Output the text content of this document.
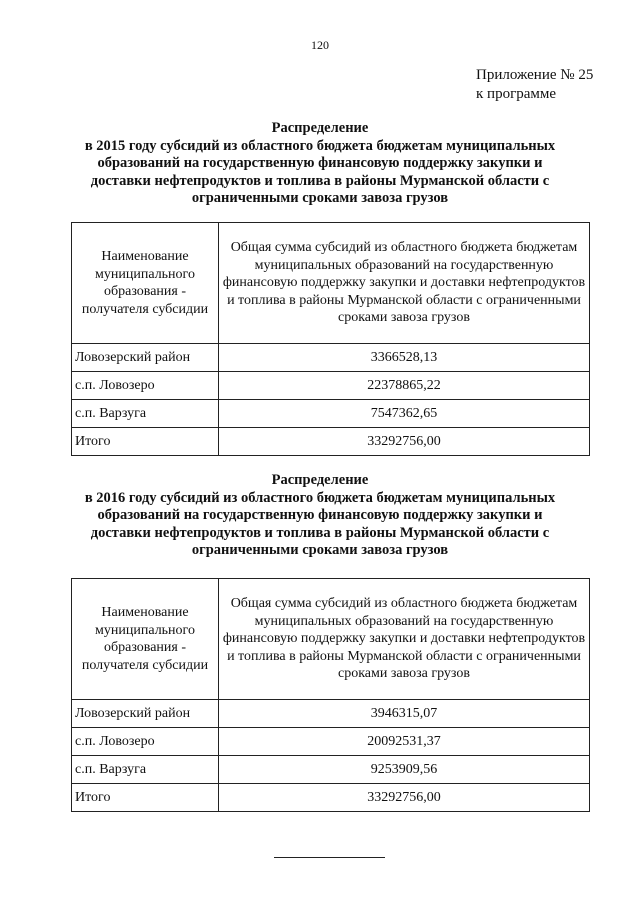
120
Приложение № 25
к программе
Распределение
в 2015 году субсидий из областного бюджета бюджетам муниципальных
образований на государственную финансовую поддержку закупки и
доставки нефтепродуктов и топлива в районы Мурманской области с
ограниченными сроками завоза грузов
Наименование муниципального образования - получателя субсидии	Общая сумма субсидий из областного бюджета бюджетам муниципальных образований на государственную финансовую поддержку закупки и доставки нефтепродуктов и топлива в районы Мурманской области с ограниченными сроками завоза грузов
Ловозерский район	3366528,13
с.п. Ловозеро	22378865,22
с.п. Варзуга	7547362,65
Итого	33292756,00
Распределение
в 2016 году субсидий из областного бюджета бюджетам муниципальных
образований на государственную финансовую поддержку закупки и
доставки нефтепродуктов и топлива в районы Мурманской области с
ограниченными сроками завоза грузов
Наименование муниципального образования - получателя субсидии	Общая сумма субсидий из областного бюджета бюджетам муниципальных образований на государственную финансовую поддержку закупки и доставки нефтепродуктов и топлива в районы Мурманской области с ограниченными сроками завоза грузов
Ловозерский район	3946315,07
с.п. Ловозеро	20092531,37
с.п. Варзуга	9253909,56
Итого	33292756,00
